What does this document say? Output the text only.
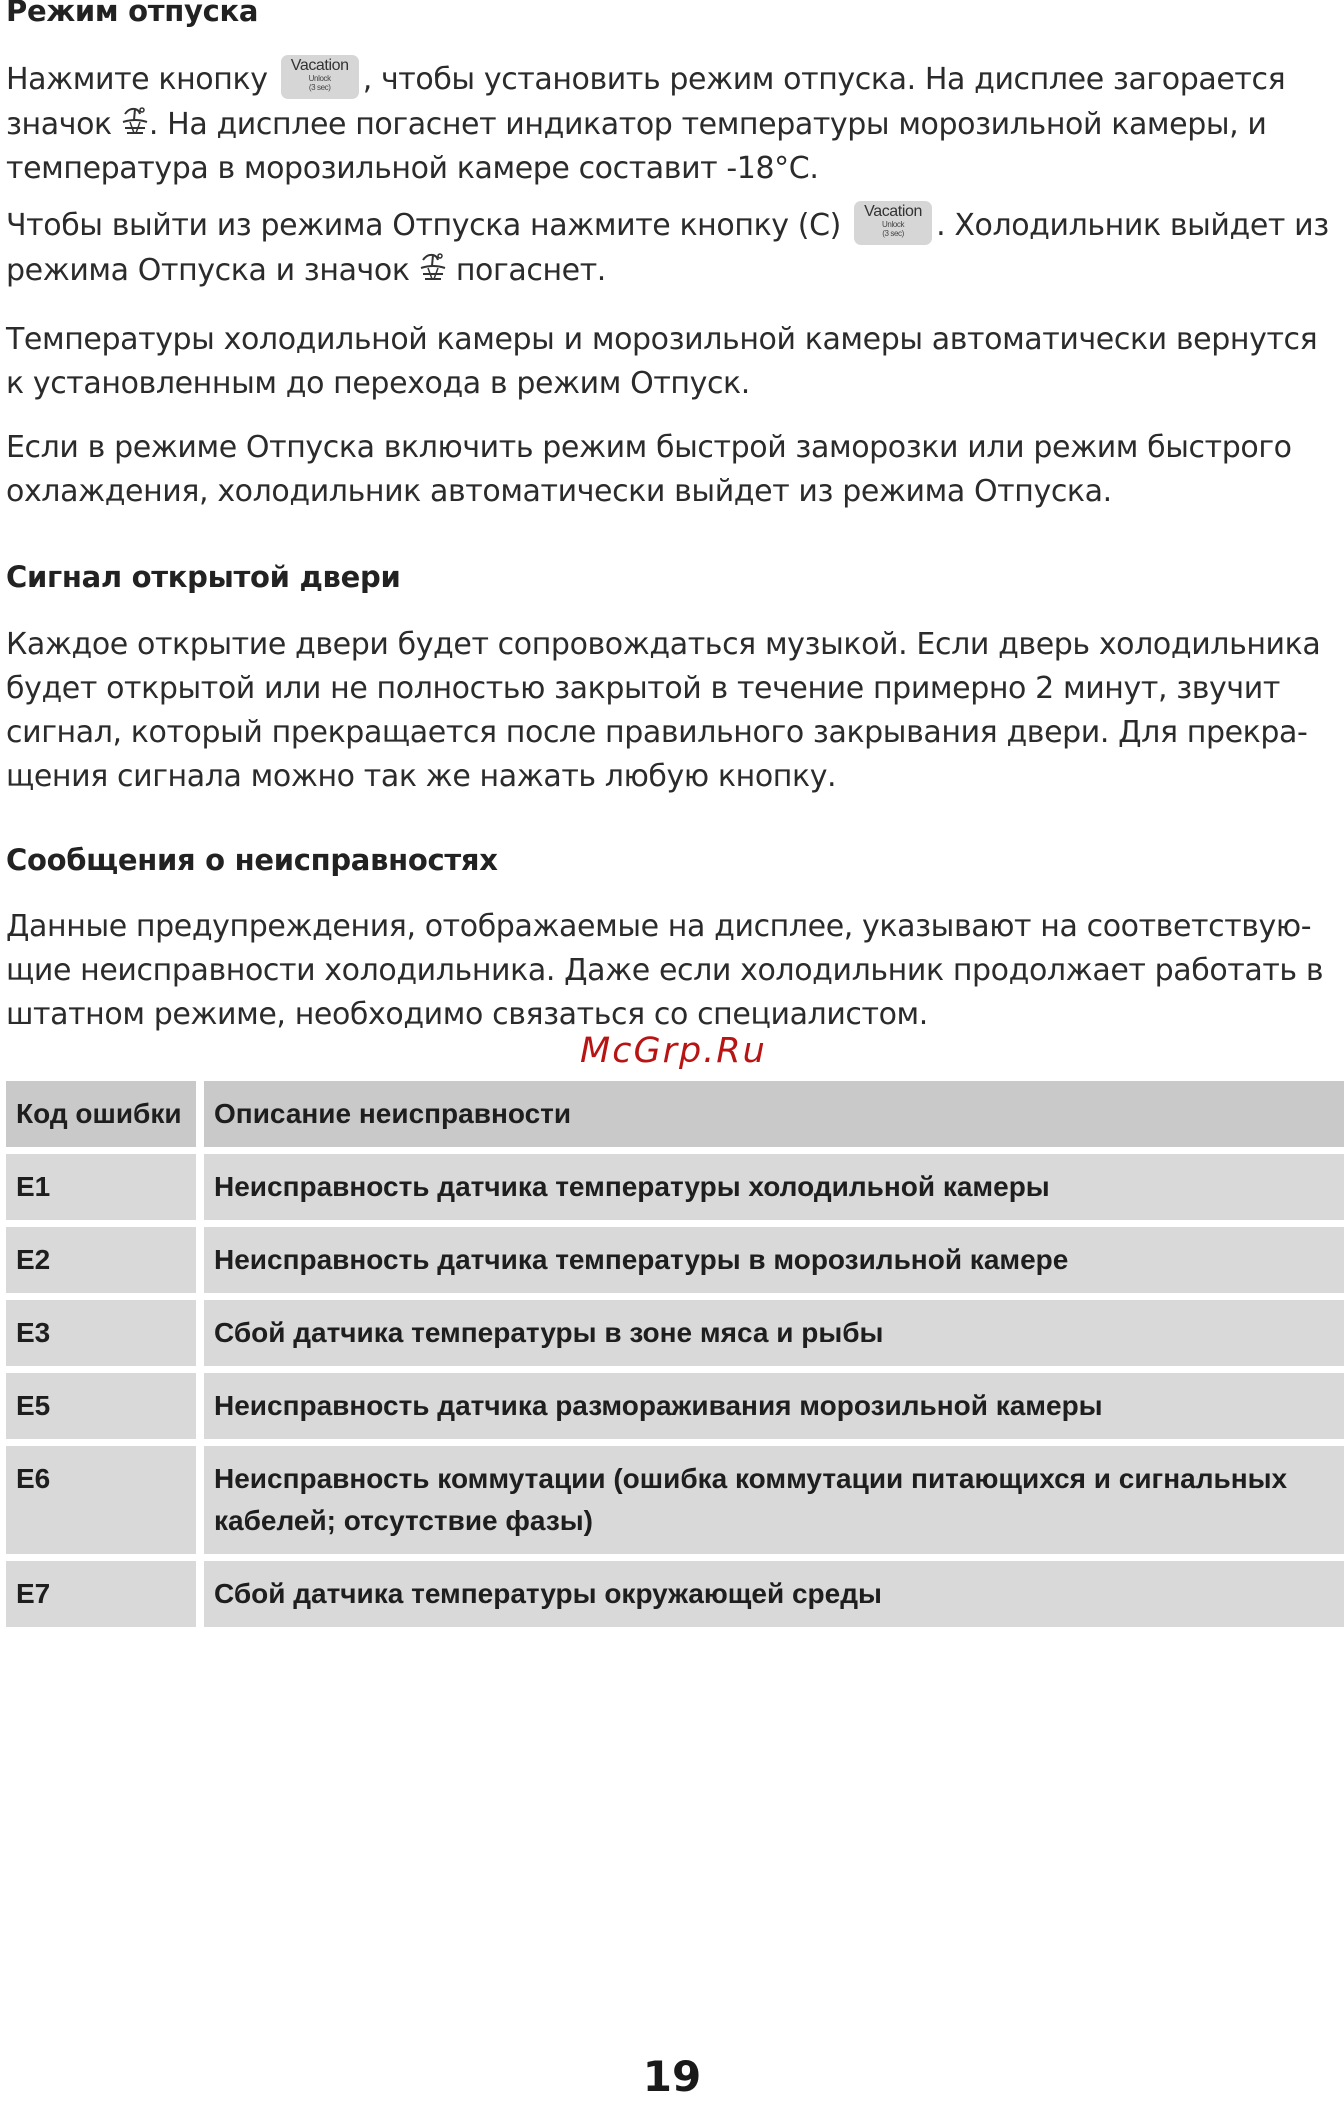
Режим отпуска

Нажмите кнопку	Vacation
Unlock
(3 sec)	, чтобы установить режим отпуска. На дисплее загорается значок . На дисплее погаснет индикатор температуры морозильной камеры, и температура в морозильной камере составит -18°С.

Чтобы выйти из режима Отпуска нажмите кнопку (С)	Vacation
Unlock
(3 sec)	. Холодильник выйдет из режима Отпуска и значок погаснет.

Температуры холодильной камеры и морозильной камеры автоматически вернутся к установленным до перехода в режим Отпуск.

Если в режиме Отпуска включить режим быстрой заморозки или режим быстрого охлаждения, холодильник автоматически выйдет из режима Отпуска.

Сигнал открытой двери

Каждое открытие двери будет сопровождаться музыкой. Если дверь холодильника будет открытой или не полностью закрытой в течение примерно 2 минут, звучит сигнал, который прекращается после правильного закрывания двери. Для прекращения сигнала можно так же нажать любую кнопку.

Сообщения о неисправностях

Данные предупреждения, отображаемые на дисплее, указывают на соответствующие неисправности холодильника. Даже если холодильник продолжает работать в штатном режиме, необходимо связаться со специалистом.

McGrp.Ru
Код ошибки	Описание неисправности
E1	Неисправность датчика температуры холодильной камеры
E2	Неисправность датчика температуры в морозильной камере
E3	Сбой датчика температуры в зоне мяса и рыбы
E5	Неисправность датчика размораживания морозильной камеры
E6	Неисправность коммутации (ошибка коммутации питающихся и сигнальных кабелей; отсутствие фазы)
E7	Сбой датчика температуры окружающей среды
19
